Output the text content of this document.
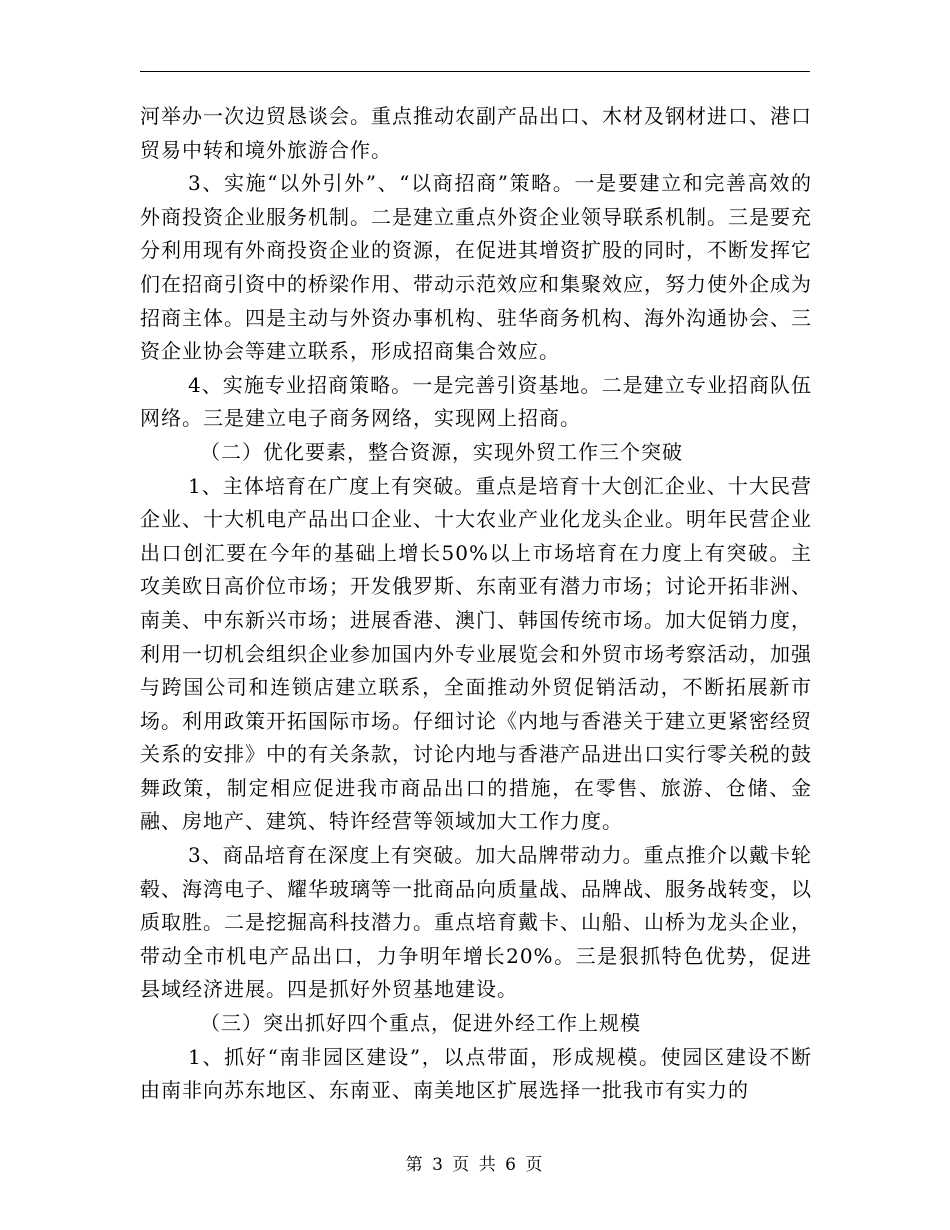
河举办一次边贸恳谈会。重点推动农副产品出口、木材及钢材进口、港口贸易中转和境外旅游合作。

3、实施“以外引外”、“以商招商”策略。一是要建立和完善高效的外商投资企业服务机制。二是建立重点外资企业领导联系机制。三是要充分利用现有外商投资企业的资源，在促进其增资扩股的同时，不断发挥它们在招商引资中的桥梁作用、带动示范效应和集聚效应，努力使外企成为招商主体。四是主动与外资办事机构、驻华商务机构、海外沟通协会、三资企业协会等建立联系，形成招商集合效应。

4、实施专业招商策略。一是完善引资基地。二是建立专业招商队伍网络。三是建立电子商务网络，实现网上招商。

（二）优化要素，整合资源，实现外贸工作三个突破

1、主体培育在广度上有突破。重点是培育十大创汇企业、十大民营企业、十大机电产品出口企业、十大农业产业化龙头企业。明年民营企业出口创汇要在今年的基础上增长50%以上市场培育在力度上有突破。主攻美欧日高价位市场；开发俄罗斯、东南亚有潜力市场；讨论开拓非洲、南美、中东新兴市场；进展香港、澳门、韩国传统市场。加大促销力度，利用一切机会组织企业参加国内外专业展览会和外贸市场考察活动，加强与跨国公司和连锁店建立联系，全面推动外贸促销活动，不断拓展新市场。利用政策开拓国际市场。仔细讨论《内地与香港关于建立更紧密经贸关系的安排》中的有关条款，讨论内地与香港产品进出口实行零关税的鼓舞政策，制定相应促进我市商品出口的措施，在零售、旅游、仓储、金融、房地产、建筑、特许经营等领域加大工作力度。

3、商品培育在深度上有突破。加大品牌带动力。重点推介以戴卡轮毂、海湾电子、耀华玻璃等一批商品向质量战、品牌战、服务战转变，以质取胜。二是挖掘高科技潜力。重点培育戴卡、山船、山桥为龙头企业，带动全市机电产品出口，力争明年增长20%。三是狠抓特色优势，促进县域经济进展。四是抓好外贸基地建设。

（三）突出抓好四个重点，促进外经工作上规模

1、抓好“南非园区建设”，以点带面，形成规模。使园区建设不断由南非向苏东地区、东南亚、南美地区扩展选择一批我市有实力的

第 3 页 共 6 页
